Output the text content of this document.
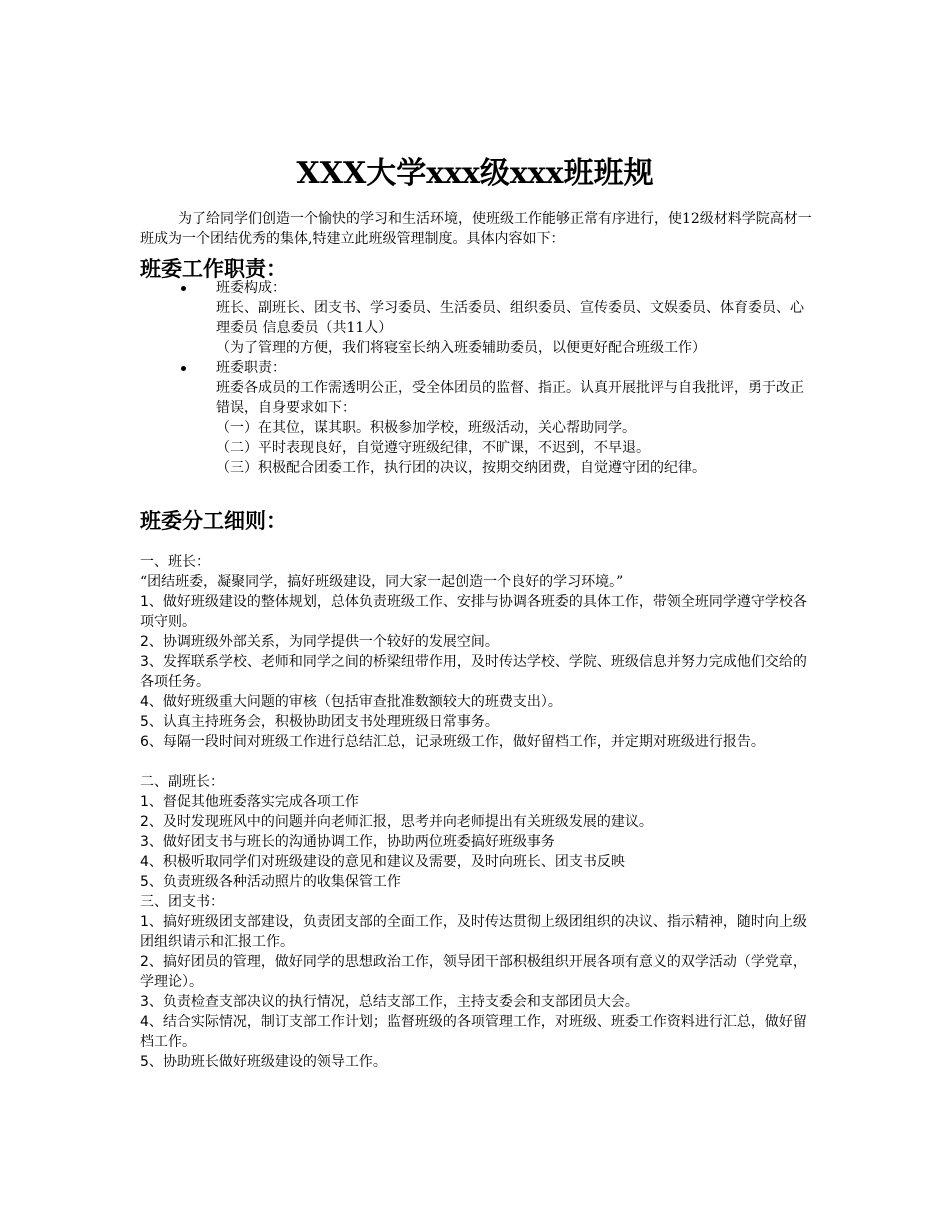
XXX大学xxx级xxx班班规

为了给同学们创造一个愉快的学习和生活环境，使班级工作能够正常有序进行，使12级材料学院高材一班成为一个团结优秀的集体,特建立此班级管理制度。具体内容如下：

班委工作职责：
班委构成：

班长、副班长、团支书、学习委员、生活委员、组织委员、宣传委员、文娱委员、体育委员、心理委员 信息委员（共11人）

（为了管理的方便，我们将寝室长纳入班委辅助委员，以便更好配合班级工作）

班委职责：

班委各成员的工作需透明公正，受全体团员的监督、指正。认真开展批评与自我批评，勇于改正错误，自身要求如下：

（一）在其位，谋其职。积极参加学校，班级活动，关心帮助同学。

（二）平时表现良好，自觉遵守班级纪律，不旷课，不迟到，不早退。

（三）积极配合团委工作，执行团的决议，按期交纳团费，自觉遵守团的纪律。

班委分工细则：

一、班长：

“团结班委，凝聚同学，搞好班级建设，同大家一起创造一个良好的学习环境。”

1、做好班级建设的整体规划，总体负责班级工作、安排与协调各班委的具体工作，带领全班同学遵守学校各项守则。

2、协调班级外部关系，为同学提供一个较好的发展空间。

3、发挥联系学校、老师和同学之间的桥梁纽带作用，及时传达学校、学院、班级信息并努力完成他们交给的各项任务。

4、做好班级重大问题的审核（包括审查批准数额较大的班费支出）。

5、认真主持班务会，积极协助团支书处理班级日常事务。

6、每隔一段时间对班级工作进行总结汇总，记录班级工作，做好留档工作，并定期对班级进行报告。

二、副班长：

1、督促其他班委落实完成各项工作

2、及时发现班风中的问题并向老师汇报，思考并向老师提出有关班级发展的建议。

3、做好团支书与班长的沟通协调工作，协助两位班委搞好班级事务

4、积极听取同学们对班级建设的意见和建议及需要，及时向班长、团支书反映

5、负责班级各种活动照片的收集保管工作

三、团支书：

1、搞好班级团支部建设，负责团支部的全面工作，及时传达贯彻上级团组织的决议、指示精神，随时向上级团组织请示和汇报工作。

2、搞好团员的管理，做好同学的思想政治工作，领导团干部积极组织开展各项有意义的双学活动（学党章，学理论）。

3、负责检查支部决议的执行情况，总结支部工作，主持支委会和支部团员大会。

4、结合实际情况，制订支部工作计划；监督班级的各项管理工作，对班级、班委工作资料进行汇总，做好留档工作。

5、协助班长做好班级建设的领导工作。
